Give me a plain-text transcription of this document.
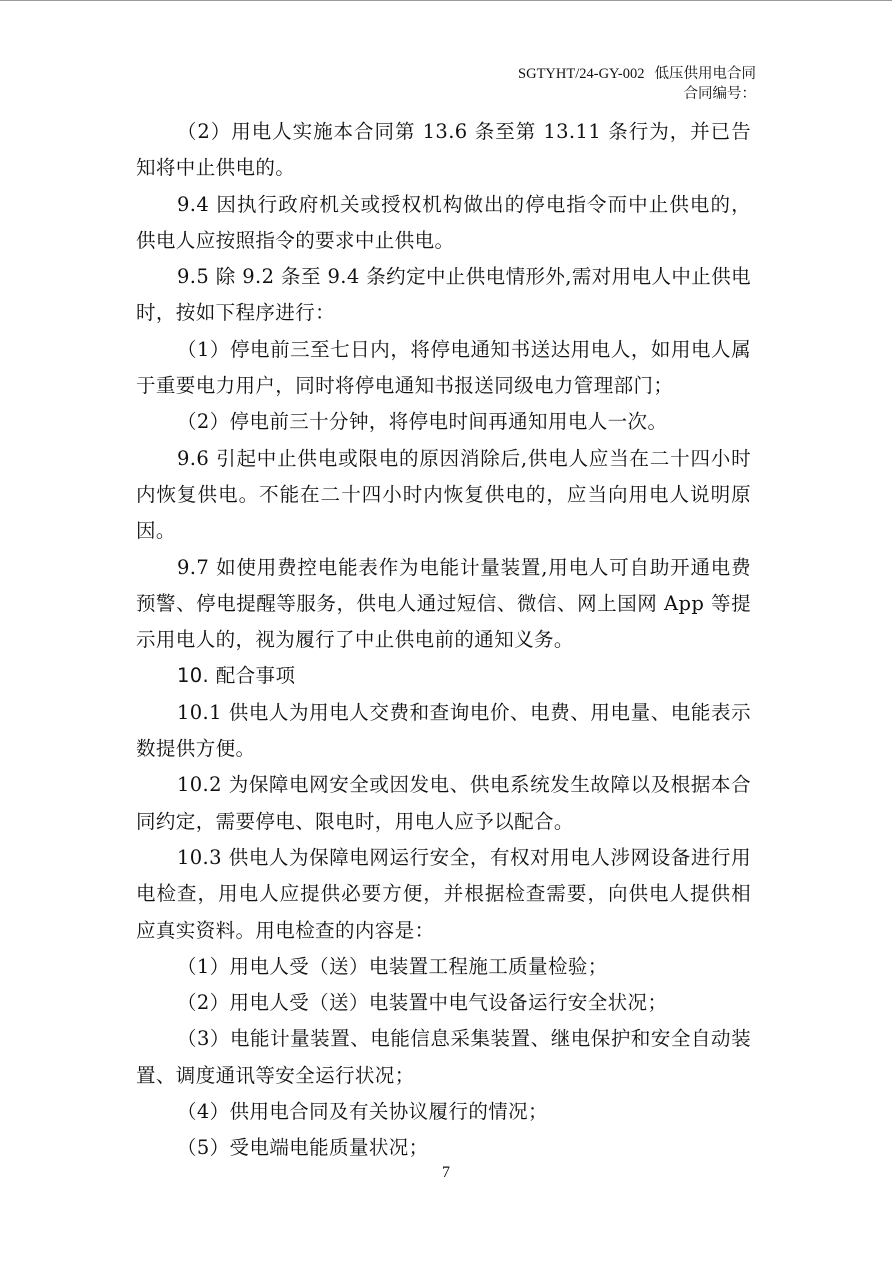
SGTYHT/24-GY-002 低压供用电合同
合同编号：

（2）用电人实施本合同第 13.6 条至第 13.11 条行为，并已告知将中止供电的。

9.4 因执行政府机关或授权机构做出的停电指令而中止供电的，供电人应按照指令的要求中止供电。

9.5 除 9.2 条至 9.4 条约定中止供电情形外,需对用电人中止供电时，按如下程序进行：

（1）停电前三至七日内，将停电通知书送达用电人，如用电人属于重要电力用户，同时将停电通知书报送同级电力管理部门；

（2）停电前三十分钟，将停电时间再通知用电人一次。

9.6 引起中止供电或限电的原因消除后,供电人应当在二十四小时内恢复供电。不能在二十四小时内恢复供电的，应当向用电人说明原因。

9.7 如使用费控电能表作为电能计量装置,用电人可自助开通电费预警、停电提醒等服务，供电人通过短信、微信、网上国网 App 等提示用电人的，视为履行了中止供电前的通知义务。

10. 配合事项

10.1 供电人为用电人交费和查询电价、电费、用电量、电能表示数提供方便。

10.2 为保障电网安全或因发电、供电系统发生故障以及根据本合同约定，需要停电、限电时，用电人应予以配合。

10.3 供电人为保障电网运行安全，有权对用电人涉网设备进行用电检查，用电人应提供必要方便，并根据检查需要，向供电人提供相应真实资料。用电检查的内容是：

（1）用电人受（送）电装置工程施工质量检验；

（2）用电人受（送）电装置中电气设备运行安全状况；

（3）电能计量装置、电能信息采集装置、继电保护和安全自动装置、调度通讯等安全运行状况；

（4）供用电合同及有关协议履行的情况；

（5）受电端电能质量状况；

7
